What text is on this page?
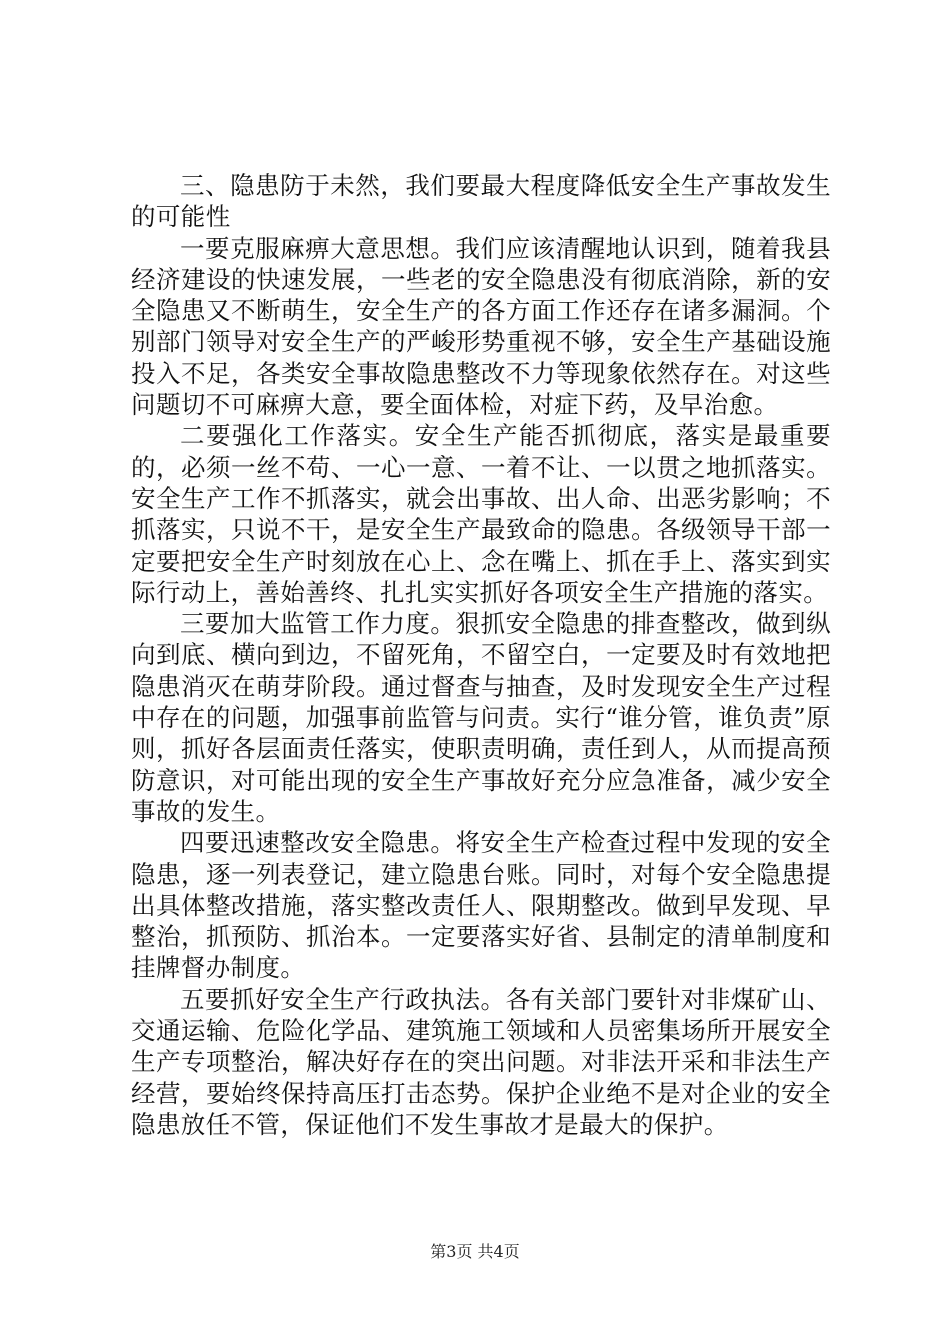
三、隐患防于未然，我们要最大程度降低安全生产事故发生的可能性

一要克服麻痹大意思想。我们应该清醒地认识到，随着我县经济建设的快速发展，一些老的安全隐患没有彻底消除，新的安全隐患又不断萌生，安全生产的各方面工作还存在诸多漏洞。个别部门领导对安全生产的严峻形势重视不够，安全生产基础设施投入不足，各类安全事故隐患整改不力等现象依然存在。对这些问题切不可麻痹大意，要全面体检，对症下药，及早治愈。

二要强化工作落实。安全生产能否抓彻底，落实是最重要的，必须一丝不苟、一心一意、一着不让、一以贯之地抓落实。安全生产工作不抓落实，就会出事故、出人命、出恶劣影响；不抓落实，只说不干，是安全生产最致命的隐患。各级领导干部一定要把安全生产时刻放在心上、念在嘴上、抓在手上、落实到实际行动上，善始善终、扎扎实实抓好各项安全生产措施的落实。

三要加大监管工作力度。狠抓安全隐患的排查整改，做到纵向到底、横向到边，不留死角，不留空白，一定要及时有效地把隐患消灭在萌芽阶段。通过督查与抽查，及时发现安全生产过程中存在的问题，加强事前监管与问责。实行“谁分管，谁负责”原则，抓好各层面责任落实，使职责明确，责任到人，从而提高预防意识，对可能出现的安全生产事故好充分应急准备，减少安全事故的发生。

四要迅速整改安全隐患。将安全生产检查过程中发现的安全隐患，逐一列表登记，建立隐患台账。同时，对每个安全隐患提出具体整改措施，落实整改责任人、限期整改。做到早发现、早整治，抓预防、抓治本。一定要落实好省、县制定的清单制度和挂牌督办制度。

五要抓好安全生产行政执法。各有关部门要针对非煤矿山、交通运输、危险化学品、建筑施工领域和人员密集场所开展安全生产专项整治，解决好存在的突出问题。对非法开采和非法生产经营，要始终保持高压打击态势。保护企业绝不是对企业的安全隐患放任不管，保证他们不发生事故才是最大的保护。

第3页 共4页
